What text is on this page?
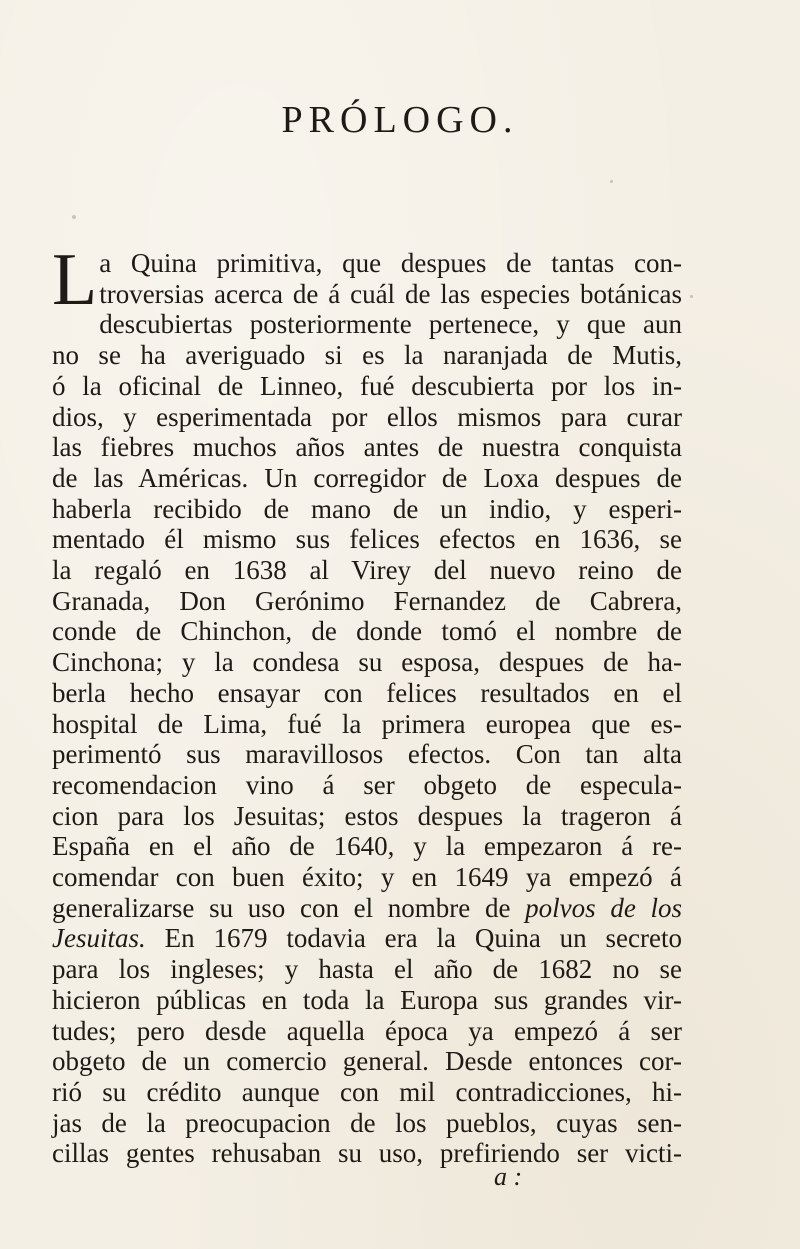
PRÓLOGO.
L a Quina primitiva, que despues de tantas con-
troversias acerca de á cuál de las especies botánicas
descubiertas posteriormente pertenece, y que aun
no se ha averiguado si es la naranjada de Mutis,
ó la oficinal de Linneo, fué descubierta por los in-
dios, y esperimentada por ellos mismos para curar
las fiebres muchos años antes de nuestra conquista
de las Américas. Un corregidor de Loxa despues de
haberla recibido de mano de un indio, y esperi-
mentado él mismo sus felices efectos en 1636, se
la regaló en 1638 al Virey del nuevo reino de
Granada, Don Gerónimo Fernandez de Cabrera,
conde de Chinchon, de donde tomó el nombre de
Cinchona; y la condesa su esposa, despues de ha-
berla hecho ensayar con felices resultados en el
hospital de Lima, fué la primera europea que es-
perimentó sus maravillosos efectos. Con tan alta
recomendacion vino á ser obgeto de especula-
cion para los Jesuitas; estos despues la trageron á
España en el año de 1640, y la empezaron á re-
comendar con buen éxito; y en 1649 ya empezó á
generalizarse su uso con el nombre de polvos de los
Jesuitas. En 1679 todavia era la Quina un secreto
para los ingleses; y hasta el año de 1682 no se
hicieron públicas en toda la Europa sus grandes vir-
tudes; pero desde aquella época ya empezó á ser
obgeto de un comercio general. Desde entonces cor-
rió su crédito aunque con mil contradicciones, hi-
jas de la preocupacion de los pueblos, cuyas sen-
cillas gentes rehusaban su uso, prefiriendo ser victi-
a :
